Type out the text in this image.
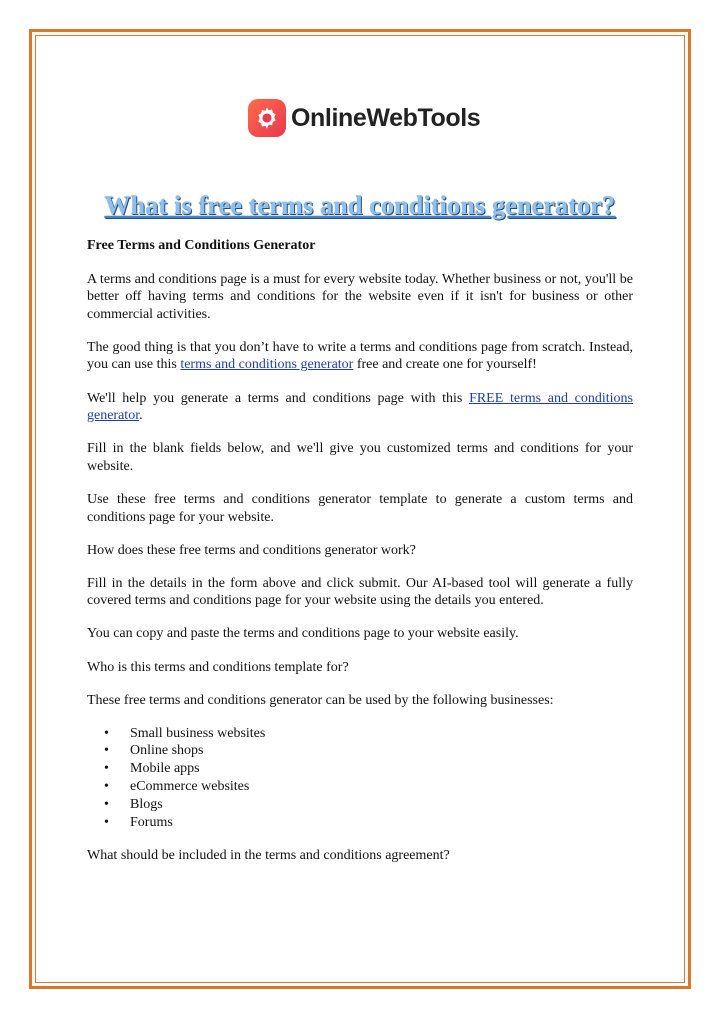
OnlineWebTools
What is free terms and conditions generator?

Free Terms and Conditions Generator

A terms and conditions page is a must for every website today. Whether business or not, you'll be better off having terms and conditions for the website even if it isn't for business or other commercial activities.

The good thing is that you don’t have to write a terms and conditions page from scratch. Instead, you can use this terms and conditions generator free and create one for yourself!

We'll help you generate a terms and conditions page with this FREE terms and conditions generator.

Fill in the blank fields below, and we'll give you customized terms and conditions for your website.

Use these free terms and conditions generator template to generate a custom terms and conditions page for your website.

How does these free terms and conditions generator work?

Fill in the details in the form above and click submit. Our AI-based tool will generate a fully covered terms and conditions page for your website using the details you entered.

You can copy and paste the terms and conditions page to your website easily.

Who is this terms and conditions template for?

These free terms and conditions generator can be used by the following businesses:

• Small business websites
• Online shops
• Mobile apps
• eCommerce websites
• Blogs
• Forums

What should be included in the terms and conditions agreement?
